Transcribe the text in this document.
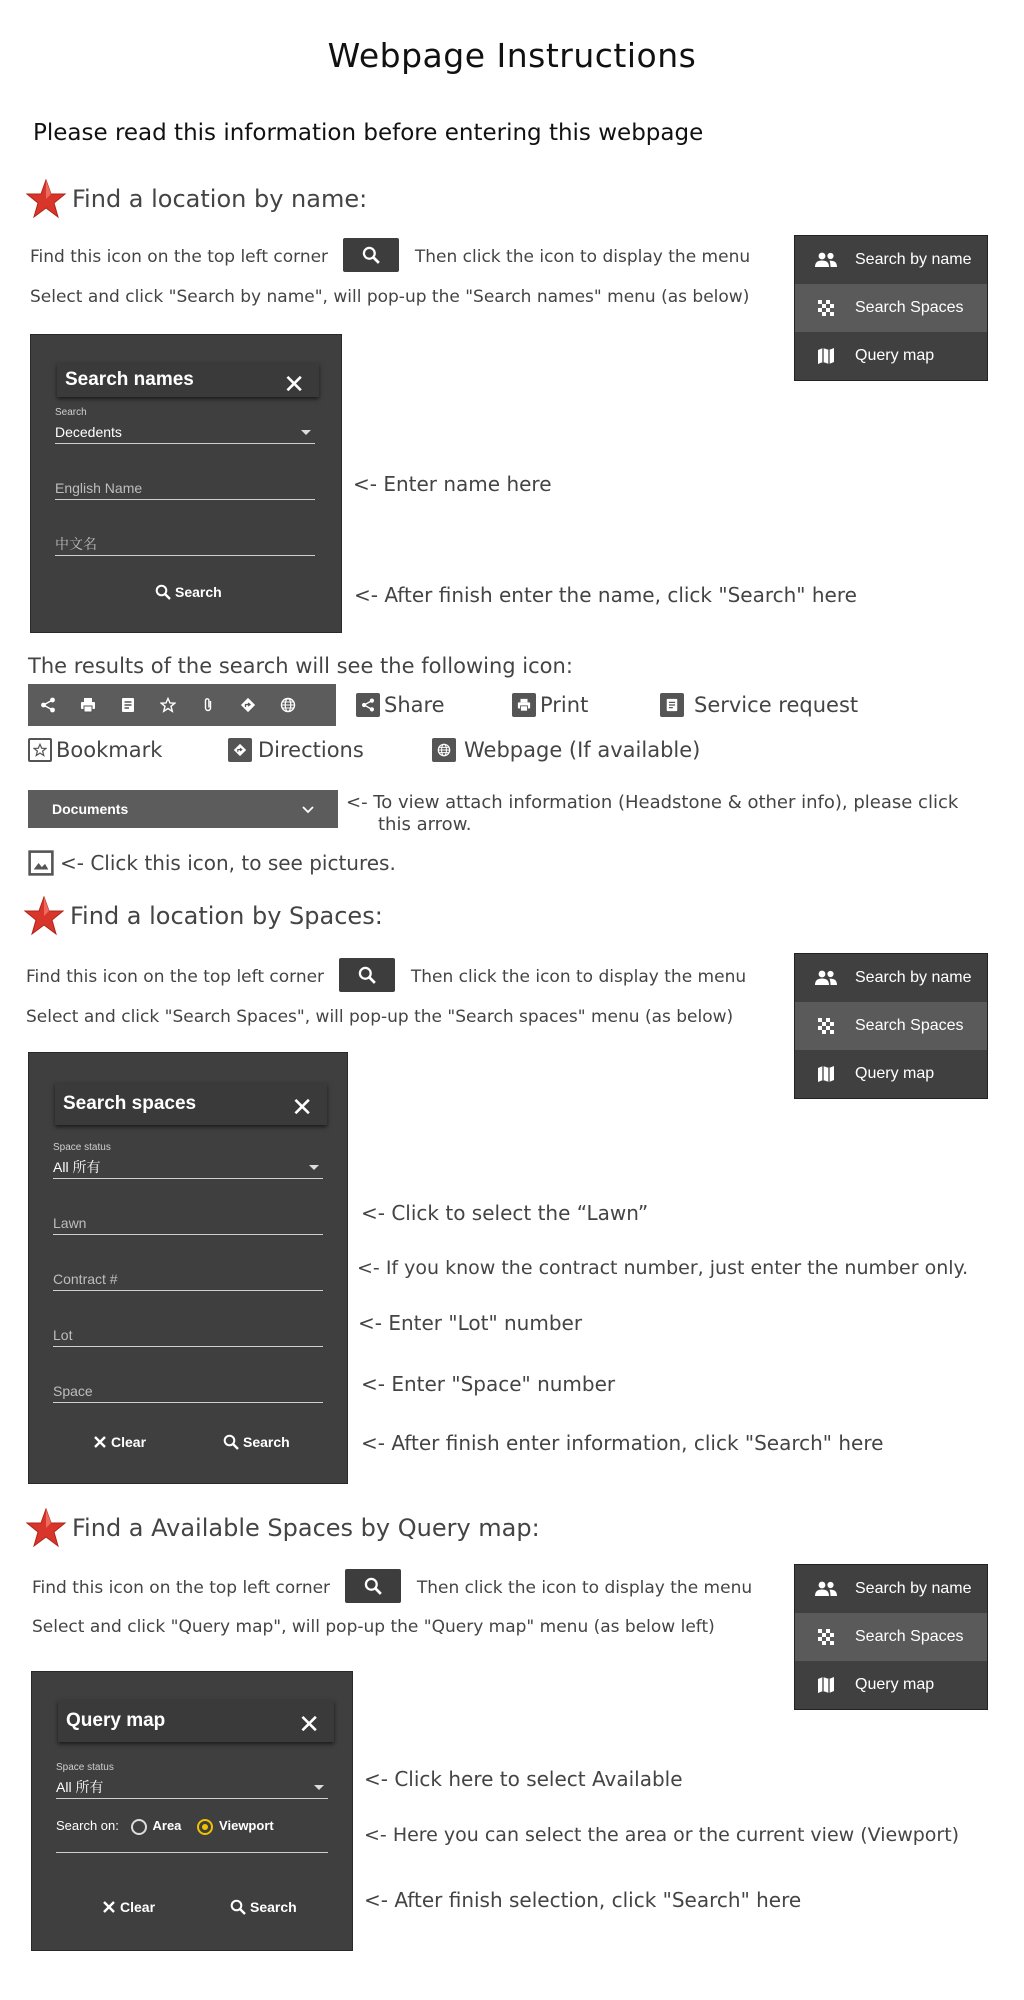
Webpage Instructions
Please read this information before entering this webpage
Find a location by name:
Find this icon on the top left corner	Then click the icon to display the menu
Select and click "Search by name", will pop-up the "Search names" menu (as below)
Search by name
Search Spaces
Query map
Search names	✕
Search
Decedents
English Name
中文名
Search
<- Enter name here
<- After finish enter the name, click "Search" here
The results of the search will see the following icon:
Share	Print	Service request
Bookmark	Directions	Webpage (If available)
Documents	<- To view attach information (Headstone & other info), please click
this arrow.
<- Click this icon, to see pictures.
Find a location by Spaces:
Find this icon on the top left corner	Then click the icon to display the menu
Select and click "Search Spaces", will pop-up the "Search spaces" menu (as below)
Search by name
Search Spaces
Query map
Search spaces	✕
Space status
All 所有
Lawn
Contract #
Lot
Space
Clear	Search
<- Click to select the “Lawn”
<- If you know the contract number, just enter the number only.
<- Enter "Lot" number
<- Enter "Space" number
<- After finish enter information, click "Search" here
Find a Available Spaces by Query map:
Find this icon on the top left corner	Then click the icon to display the menu
Select and click "Query map", will pop-up the "Query map" menu (as below left)
Search by name
Search Spaces
Query map
Query map	✕
Space status
All 所有
Search on:	Area	Viewport
Clear	Search
<- Click here to select Available
<- Here you can select the area or the current view (Viewport)
<- After finish selection, click "Search" here
